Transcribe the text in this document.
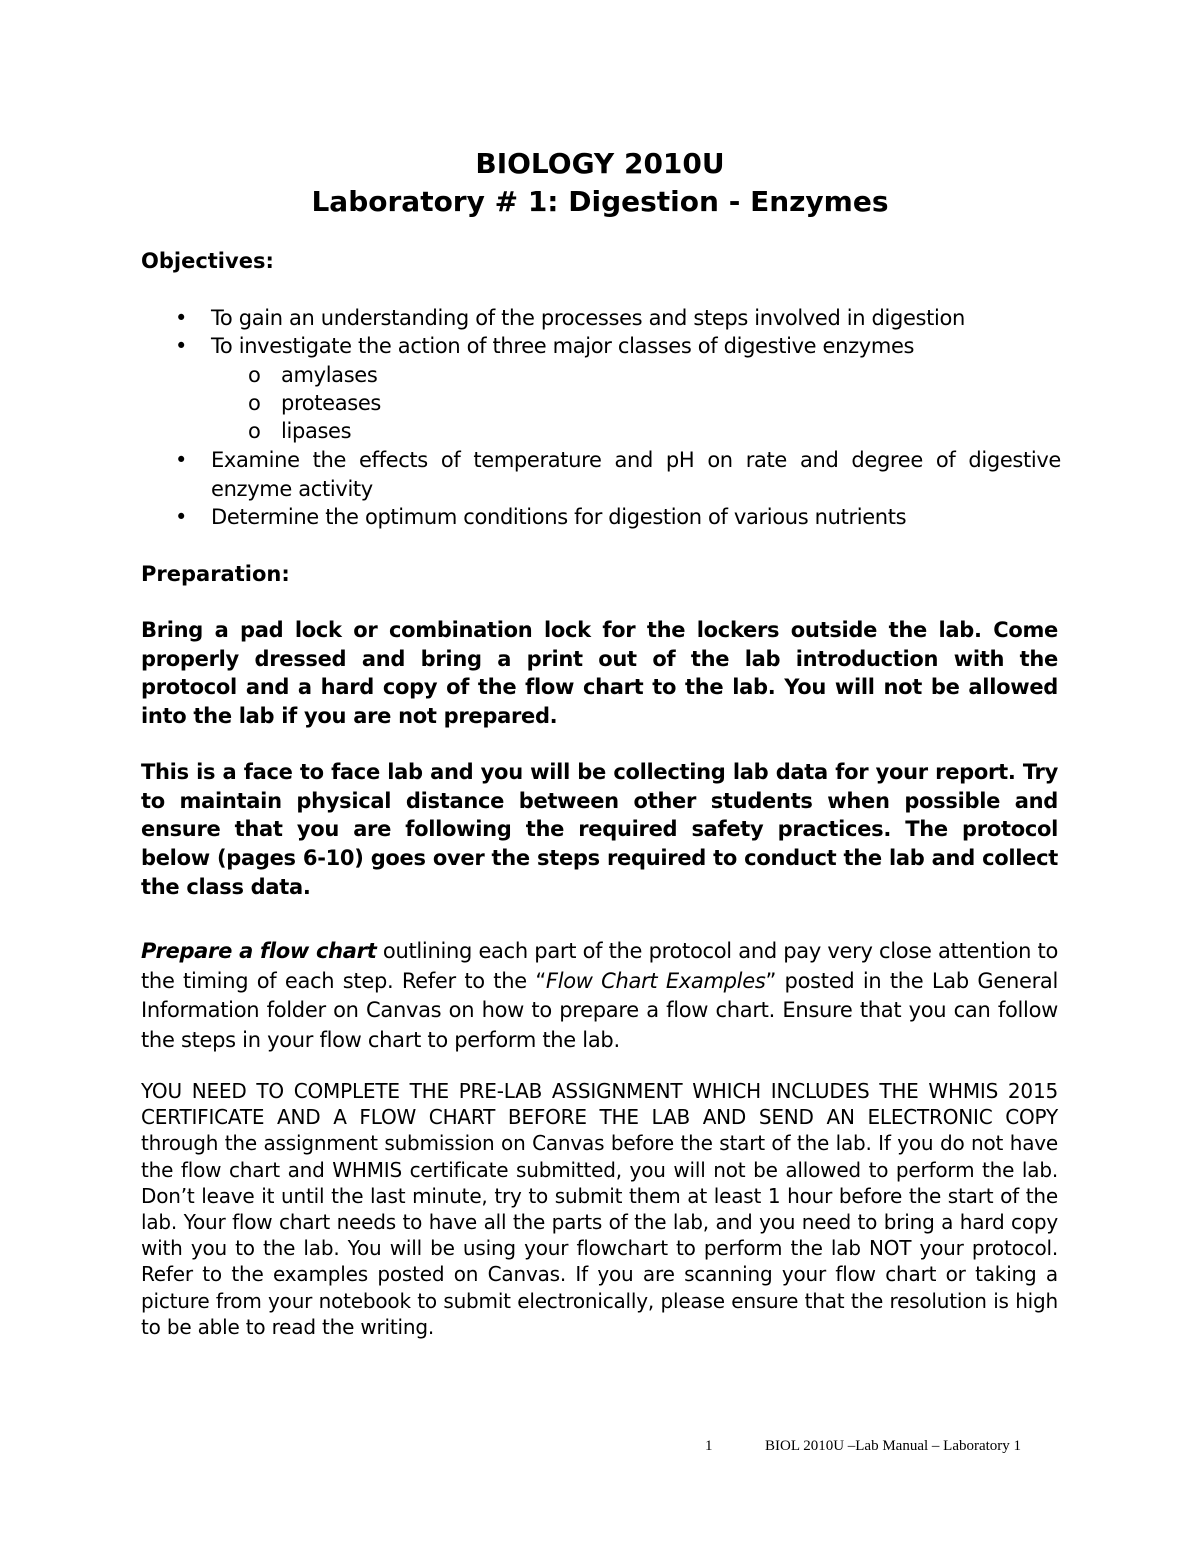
BIOLOGY 2010U
Laboratory # 1: Digestion - Enzymes
Objectives:
• To gain an understanding of the processes and steps involved in digestion
• To investigate the action of three major classes of digestive enzymes
o amylases
o proteases
o lipases
• Examine the effects of temperature and pH on rate and degree of digestive enzyme activity
• Determine the optimum conditions for digestion of various nutrients
Preparation:
Bring a pad lock or combination lock for the lockers outside the lab. Come properly dressed and bring a print out of the lab introduction with the protocol and a hard copy of the flow chart to the lab. You will not be allowed into the lab if you are not prepared.
This is a face to face lab and you will be collecting lab data for your report. Try to maintain physical distance between other students when possible and ensure that you are following the required safety practices. The protocol below (pages 6-10) goes over the steps required to conduct the lab and collect the class data.
Prepare a flow chart outlining each part of the protocol and pay very close attention to the timing of each step. Refer to the “Flow Chart Examples” posted in the Lab General Information folder on Canvas on how to prepare a flow chart. Ensure that you can follow the steps in your flow chart to perform the lab.
YOU NEED TO COMPLETE THE PRE-LAB ASSIGNMENT WHICH INCLUDES THE WHMIS 2015 CERTIFICATE AND A FLOW CHART BEFORE THE LAB AND SEND AN ELECTRONIC COPY through the assignment submission on Canvas before the start of the lab. If you do not have the flow chart and WHMIS certificate submitted, you will not be allowed to perform the lab. Don’t leave it until the last minute, try to submit them at least 1 hour before the start of the lab. Your flow chart needs to have all the parts of the lab, and you need to bring a hard copy with you to the lab. You will be using your flowchart to perform the lab NOT your protocol. Refer to the examples posted on Canvas. If you are scanning your flow chart or taking a picture from your notebook to submit electronically, please ensure that the resolution is high to be able to read the writing.
1	BIOL 2010U –Lab Manual – Laboratory 1
